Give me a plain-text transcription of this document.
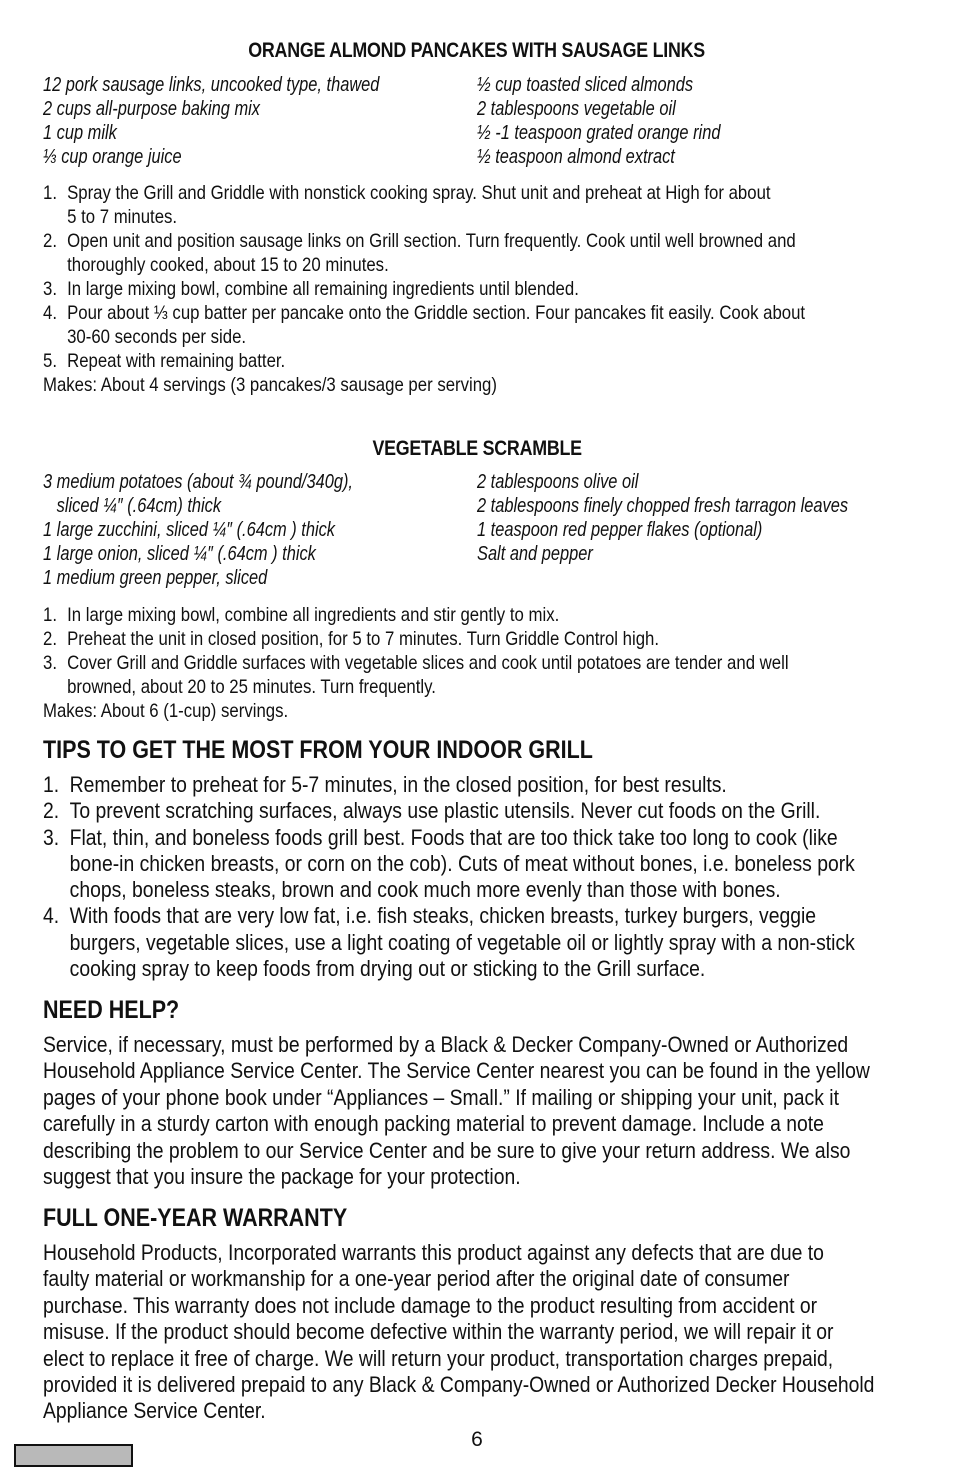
ORANGE ALMOND PANCAKES WITH SAUSAGE LINKS
12 pork sausage links, uncooked type, thawed
2 cups all-purpose baking mix
1 cup milk
⅓ cup orange juice
½ cup toasted sliced almonds
2 tablespoons vegetable oil
½ -1 teaspoon grated orange rind
½ teaspoon almond extract
1. Spray the Grill and Griddle with nonstick cooking spray. Shut unit and preheat at High for about
5 to 7 minutes.
2. Open unit and position sausage links on Grill section. Turn frequently. Cook until well browned and
thoroughly cooked, about 15 to 20 minutes.
3. In large mixing bowl, combine all remaining ingredients until blended.
4. Pour about ⅓ cup batter per pancake onto the Griddle section. Four pancakes fit easily. Cook about
30-60 seconds per side.
5. Repeat with remaining batter.
Makes: About 4 servings (3 pancakes/3 sausage per serving)
VEGETABLE SCRAMBLE
3 medium potatoes (about ¾ pound/340g),
sliced ¼″ (.64cm) thick
1 large zucchini, sliced ¼″ (.64cm ) thick
1 large onion, sliced ¼″ (.64cm ) thick
1 medium green pepper, sliced
2 tablespoons olive oil
2 tablespoons finely chopped fresh tarragon leaves
1 teaspoon red pepper flakes (optional)
Salt and pepper
1. In large mixing bowl, combine all ingredients and stir gently to mix.
2. Preheat the unit in closed position, for 5 to 7 minutes. Turn Griddle Control high.
3. Cover Grill and Griddle surfaces with vegetable slices and cook until potatoes are tender and well
browned, about 20 to 25 minutes. Turn frequently.
Makes: About 6 (1-cup) servings.
TIPS TO GET THE MOST FROM YOUR INDOOR GRILL
1. Remember to preheat for 5-7 minutes, in the closed position, for best results.
2. To prevent scratching surfaces, always use plastic utensils. Never cut foods on the Grill.
3. Flat, thin, and boneless foods grill best. Foods that are too thick take too long to cook (like
bone-in chicken breasts, or corn on the cob). Cuts of meat without bones, i.e. boneless pork
chops, boneless steaks, brown and cook much more evenly than those with bones.
4. With foods that are very low fat, i.e. fish steaks, chicken breasts, turkey burgers, veggie
burgers, vegetable slices, use a light coating of vegetable oil or lightly spray with a non-stick
cooking spray to keep foods from drying out or sticking to the Grill surface.
NEED HELP?
Service, if necessary, must be performed by a Black & Decker Company-Owned or Authorized
Household Appliance Service Center. The Service Center nearest you can be found in the yellow
pages of your phone book under “Appliances – Small.” If mailing or shipping your unit, pack it
carefully in a sturdy carton with enough packing material to prevent damage. Include a note
describing the problem to our Service Center and be sure to give your return address. We also
suggest that you insure the package for your protection.
FULL ONE-YEAR WARRANTY
Household Products, Incorporated warrants this product against any defects that are due to
faulty material or workmanship for a one-year period after the original date of consumer
purchase. This warranty does not include damage to the product resulting from accident or
misuse. If the product should become defective within the warranty period, we will repair it or
elect to replace it free of charge. We will return your product, transportation charges prepaid,
provided it is delivered prepaid to any Black & Company-Owned or Authorized Decker Household
Appliance Service Center.
6
